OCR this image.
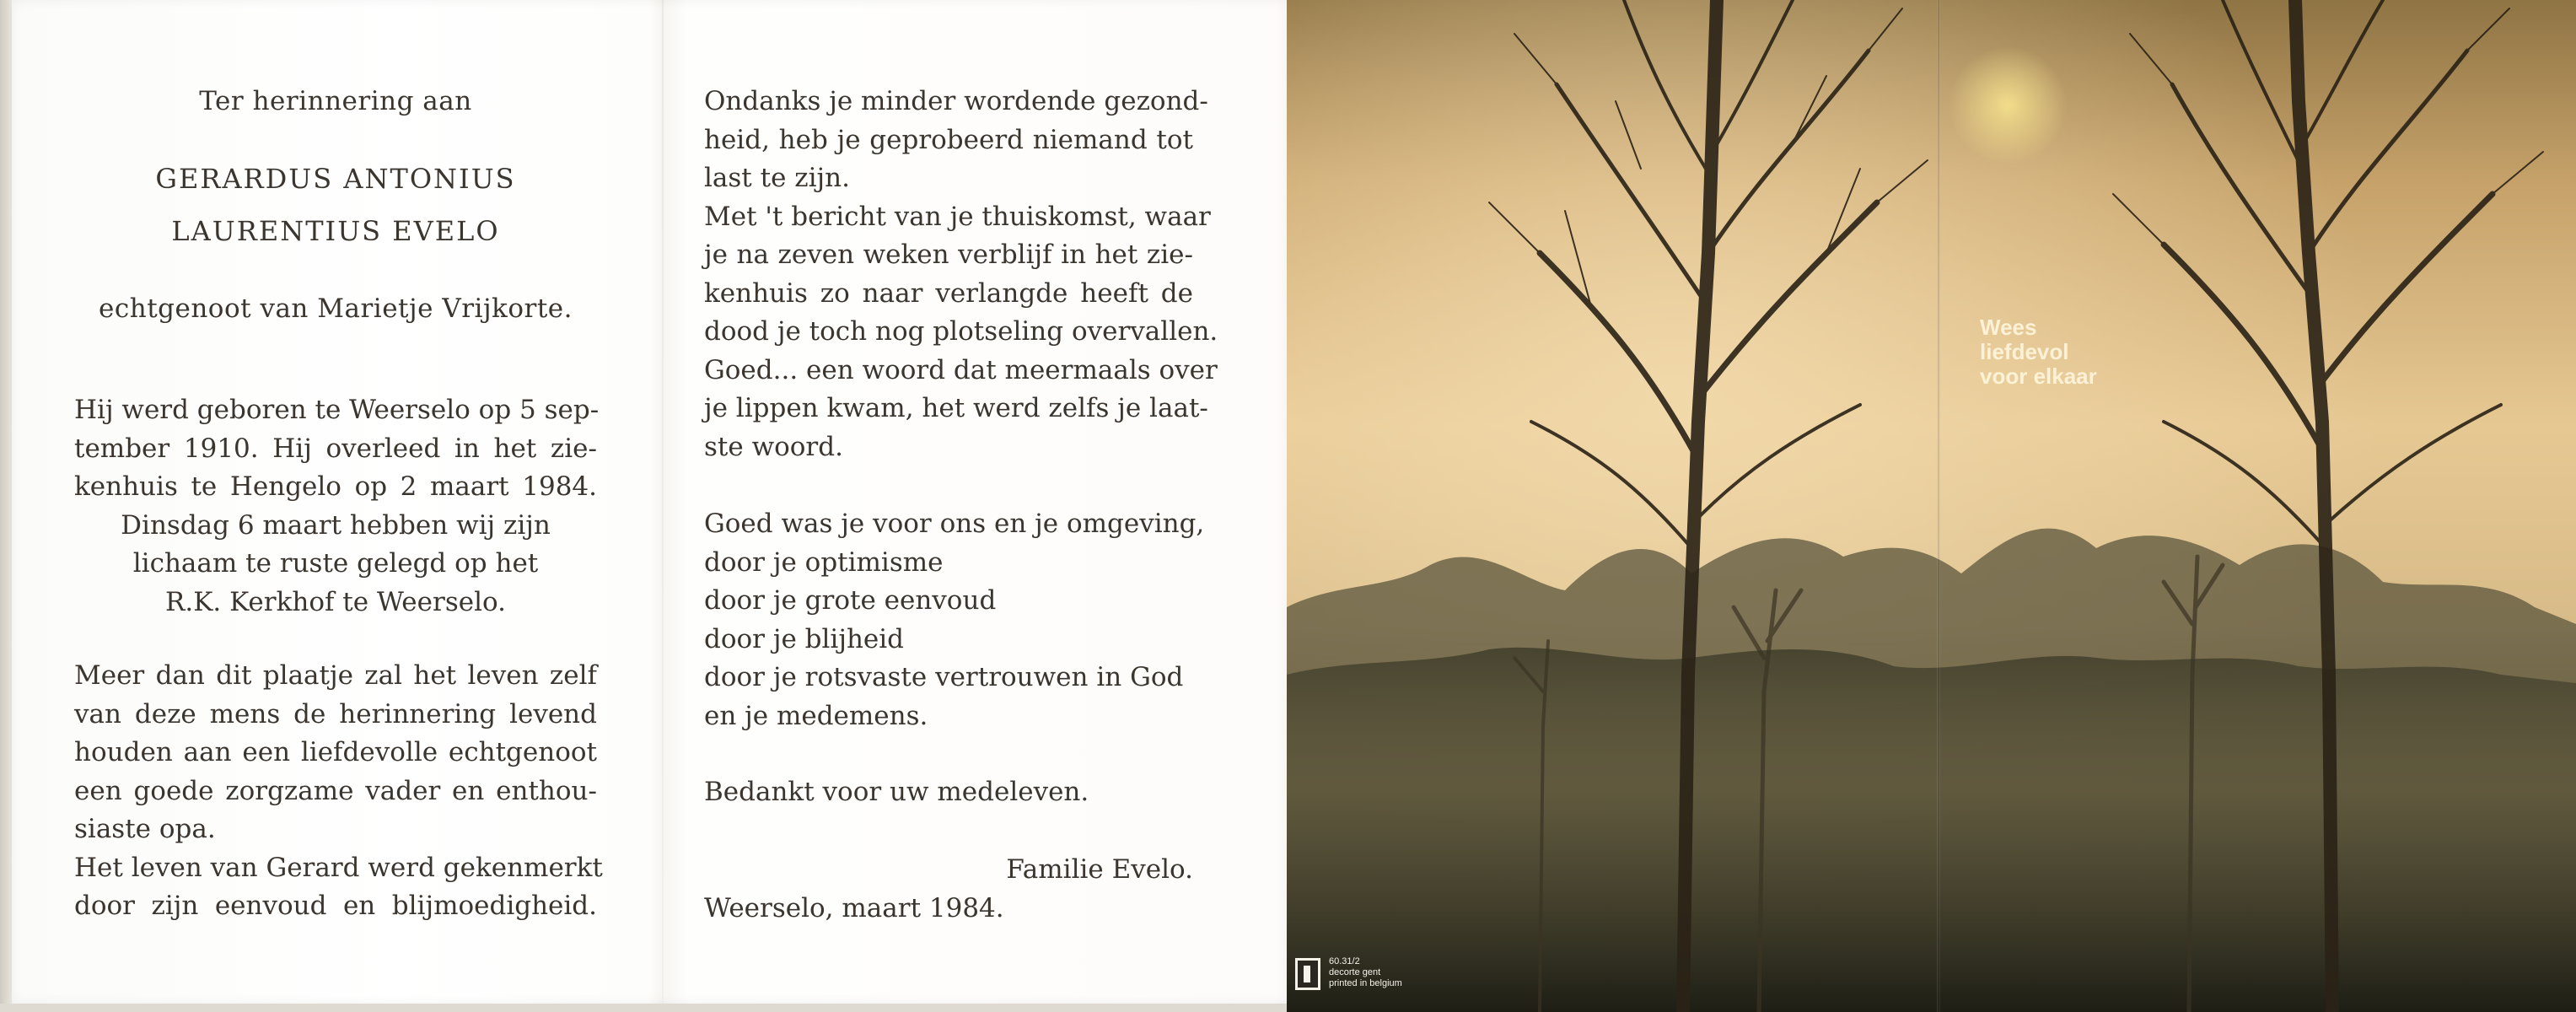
Ter herinnering aan
GERARDUS ANTONIUS
LAURENTIUS EVELO
echtgenoot van Marietje Vrijkorte.
Hij werd geboren te Weerselo op 5 sep-
tember 1910. Hij overleed in het zie-
kenhuis te Hengelo op 2 maart 1984.
Dinsdag 6 maart hebben wij zijn
lichaam te ruste gelegd op het
R.K. Kerkhof te Weerselo.
Meer dan dit plaatje zal het leven zelf
van deze mens de herinnering levend
houden aan een liefdevolle echtgenoot
een goede zorgzame vader en enthou-
siaste opa.
Het leven van Gerard werd gekenmerkt
door zijn eenvoud en blijmoedigheid.
Ondanks je minder wordende gezond-
heid, heb je geprobeerd niemand tot
last te zijn.
Met 't bericht van je thuiskomst, waar
je na zeven weken verblijf in het zie-
kenhuis zo naar verlangde heeft de
dood je toch nog plotseling overvallen.
Goed... een woord dat meermaals over
je lippen kwam, het werd zelfs je laat-
ste woord.
Goed was je voor ons en je omgeving,
door je optimisme
door je grote eenvoud
door je blijheid
door je rotsvaste vertrouwen in God
en je medemens.
Bedankt voor uw medeleven.
Familie Evelo.
Weerselo, maart 1984.
Wees
liefdevol
voor elkaar
60.31/2
decorte gent
printed in belgium
